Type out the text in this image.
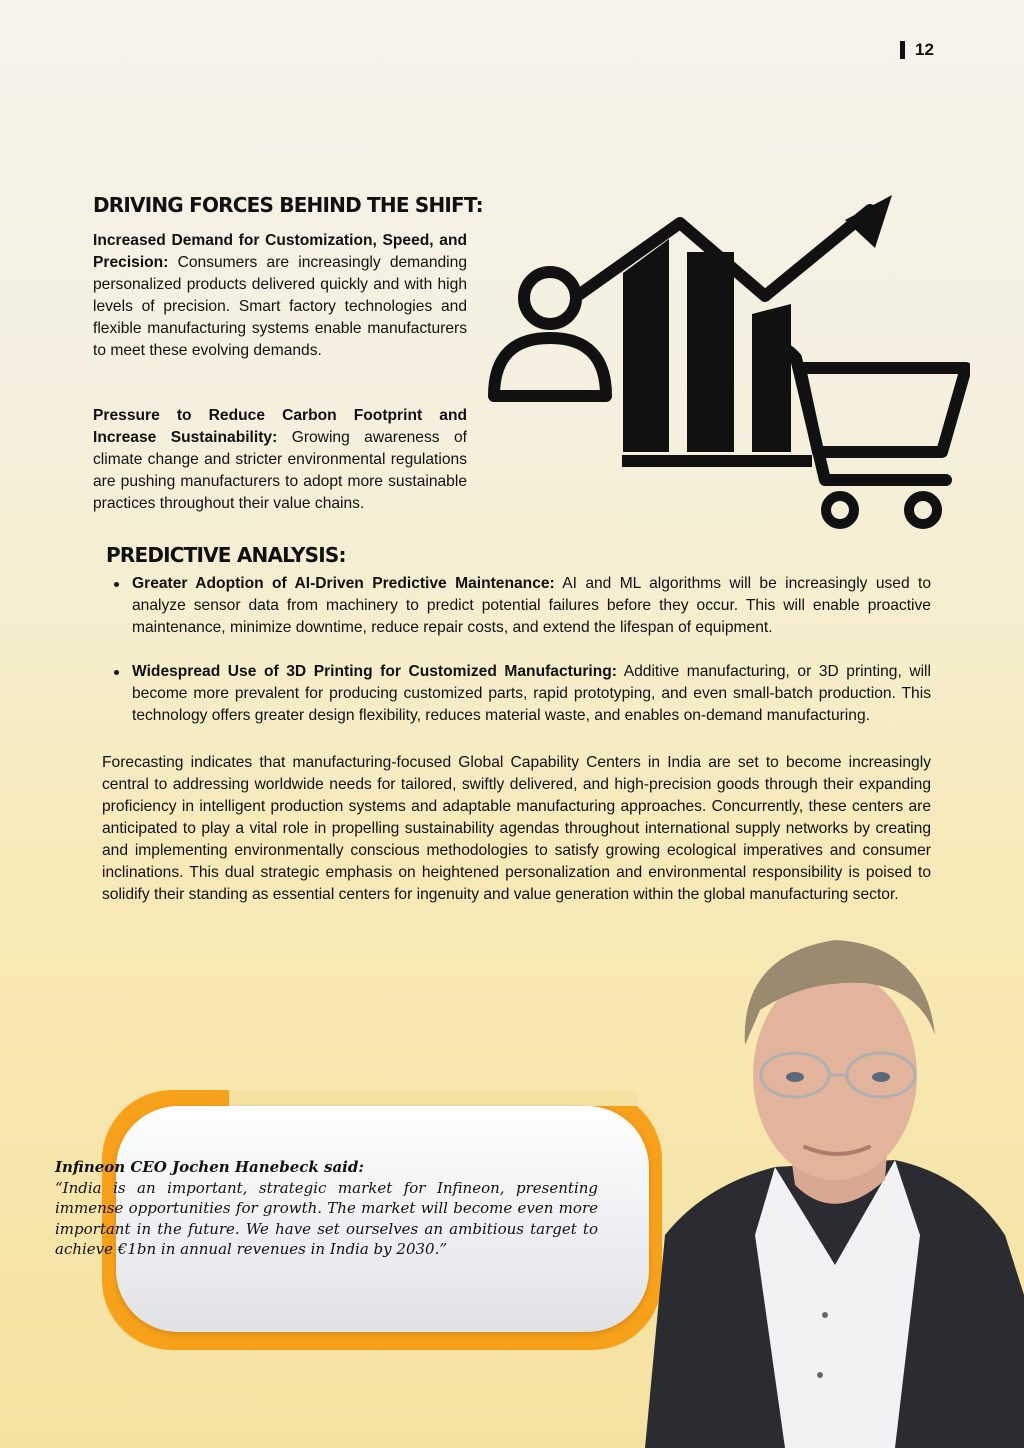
12
DRIVING FORCES BEHIND THE SHIFT:

Increased Demand for Customization, Speed, and Precision: Consumers are increasingly demanding personalized products delivered quickly and with high levels of precision. Smart factory technologies and flexible manufacturing systems enable manufacturers to meet these evolving demands.

Pressure to Reduce Carbon Footprint and Increase Sustainability: Growing awareness of climate change and stricter environmental regulations are pushing manufacturers to adopt more sustainable practices throughout their value chains.

PREDICTIVE ANALYSIS:
Greater Adoption of AI-Driven Predictive Maintenance: AI and ML algorithms will be increasingly used to analyze sensor data from machinery to predict potential failures before they occur. This will enable proactive maintenance, minimize downtime, reduce repair costs, and extend the lifespan of equipment.
Widespread Use of 3D Printing for Customized Manufacturing: Additive manufacturing, or 3D printing, will become more prevalent for producing customized parts, rapid prototyping, and even small-batch production. This technology offers greater design flexibility, reduces material waste, and enables on-demand manufacturing.

Forecasting indicates that manufacturing-focused Global Capability Centers in India are set to become increasingly central to addressing worldwide needs for tailored, swiftly delivered, and high-precision goods through their expanding proficiency in intelligent production systems and adaptable manufacturing approaches. Concurrently, these centers are anticipated to play a vital role in propelling sustainability agendas throughout international supply networks by creating and implementing environmentally conscious methodologies to satisfy growing ecological imperatives and consumer inclinations. This dual strategic emphasis on heightened personalization and environmental responsibility is poised to solidify their standing as essential centers for ingenuity and value generation within the global manufacturing sector.

Infineon CEO Jochen Hanebeck said:
“India is an important, strategic market for Infineon, presenting immense opportunities for growth. The market will become even more important in the future. We have set ourselves an ambitious target to achieve €1bn in annual revenues in India by 2030.”
